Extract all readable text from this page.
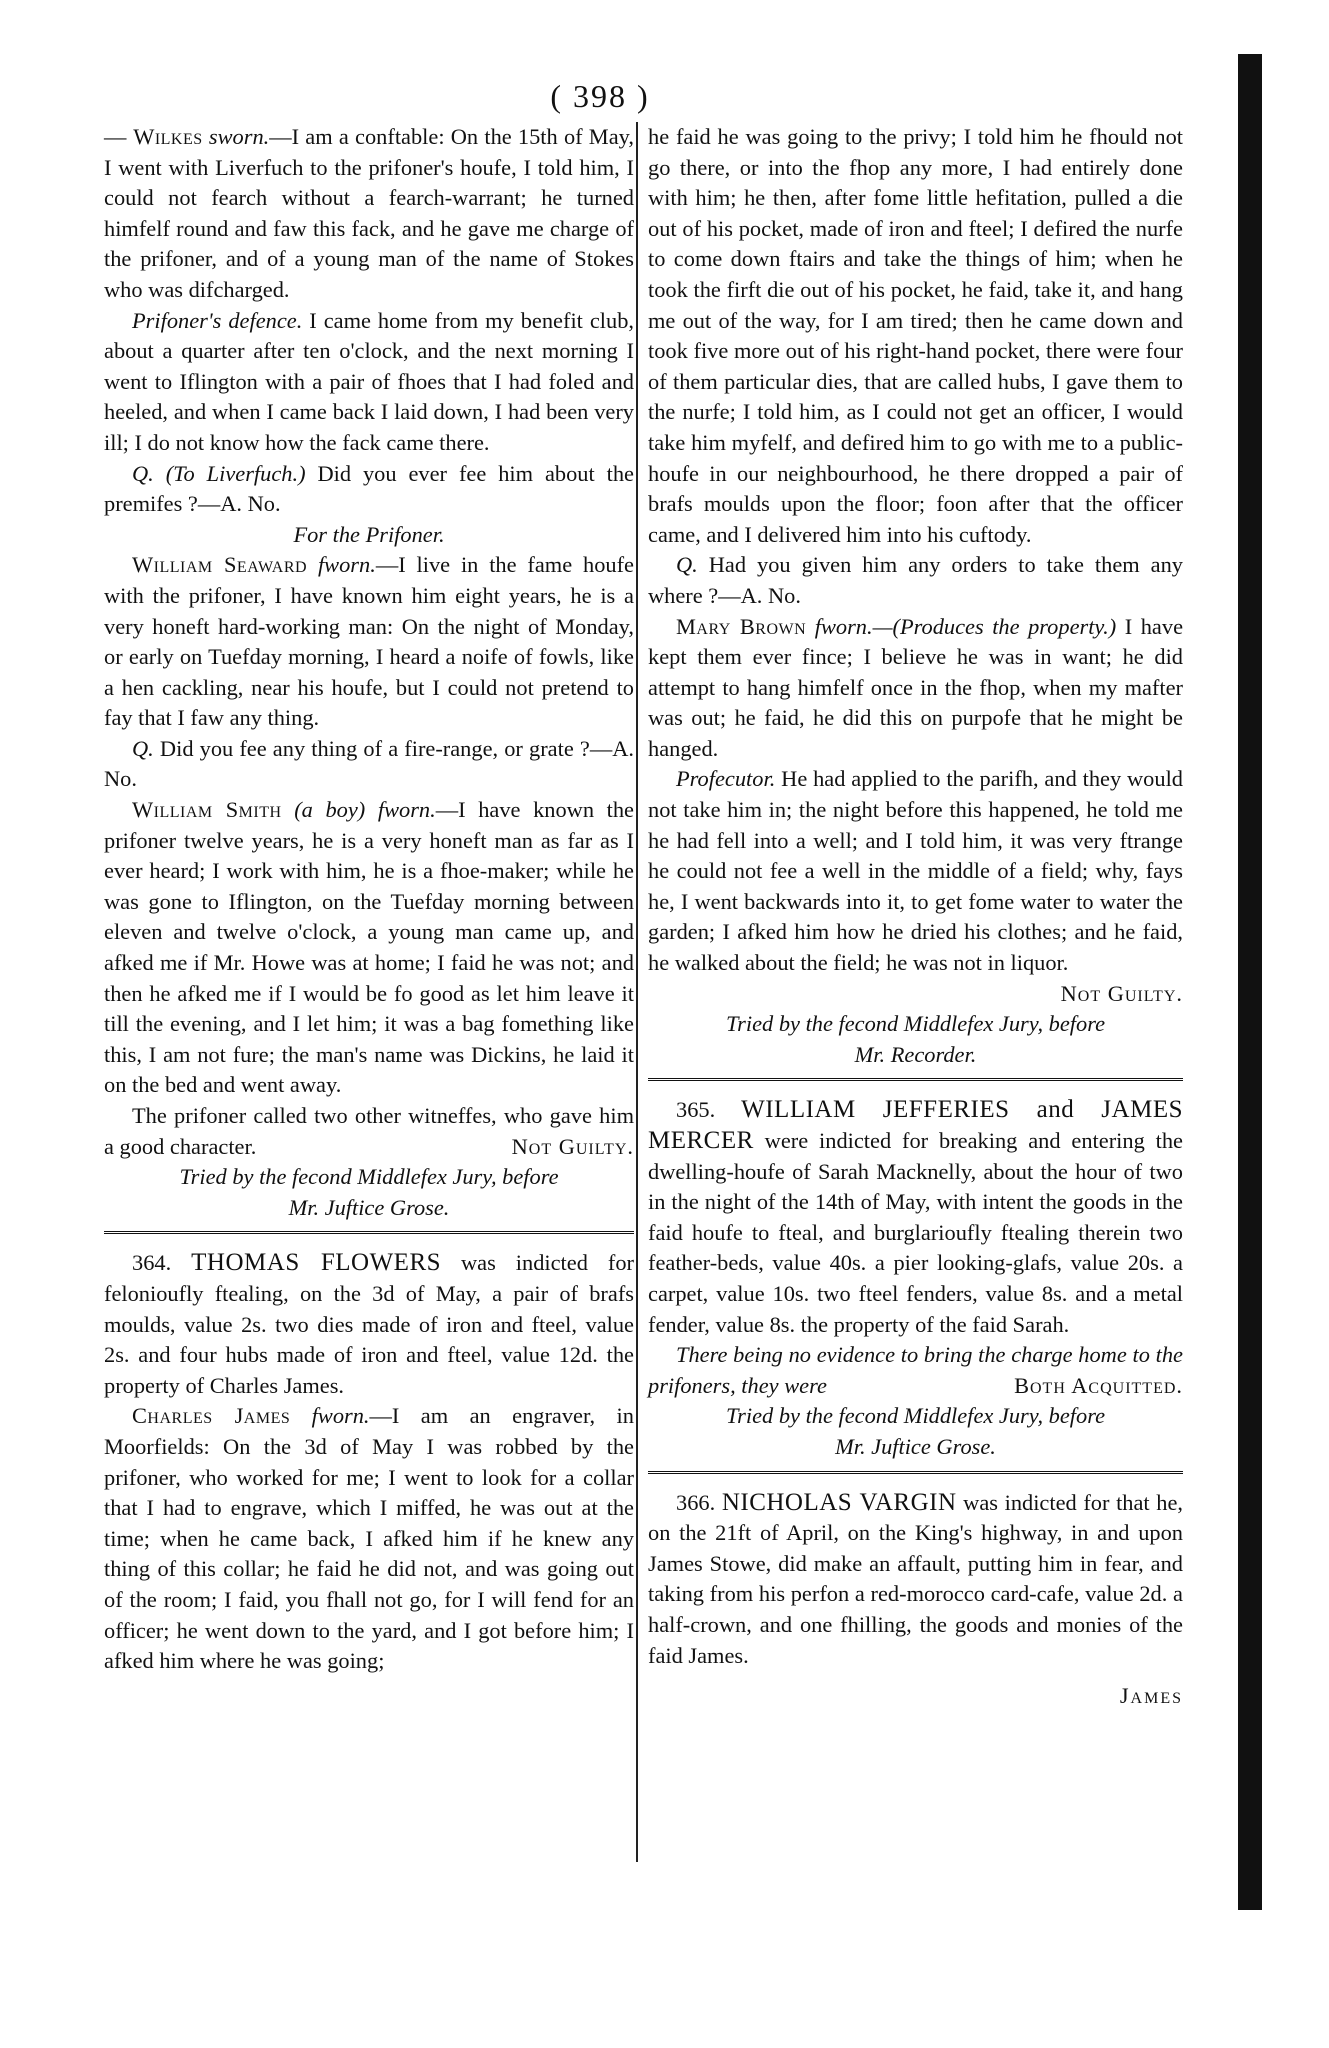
( 398 )

— Wilkes sworn.—I am a conftable: On the 15th of May, I went with Liverfuch to the prifoner's houfe, I told him, I could not fearch without a fearch-warrant; he turned himfelf round and faw this fack, and he gave me charge of the prifoner, and of a young man of the name of Stokes who was difcharged.

Prifoner's defence. I came home from my benefit club, about a quarter after ten o'clock, and the next morning I went to Iflington with a pair of fhoes that I had foled and heeled, and when I came back I laid down, I had been very ill; I do not know how the fack came there.

Q. (To Liverfuch.) Did you ever fee him about the premifes ?—A. No.

For the Prifoner.

William Seaward fworn.—I live in the fame houfe with the prifoner, I have known him eight years, he is a very honeft hard-working man: On the night of Monday, or early on Tuefday morning, I heard a noife of fowls, like a hen cackling, near his houfe, but I could not pretend to fay that I faw any thing.

Q. Did you fee any thing of a fire-range, or grate ?—A. No.

William Smith (a boy) fworn.—I have known the prifoner twelve years, he is a very honeft man as far as I ever heard; I work with him, he is a fhoe-maker; while he was gone to Iflington, on the Tuefday morning between eleven and twelve o'clock, a young man came up, and afked me if Mr. Howe was at home; I faid he was not; and then he afked me if I would be fo good as let him leave it till the evening, and I let him; it was a bag fomething like this, I am not fure; the man's name was Dickins, he laid it on the bed and went away.

The prifoner called two other witneffes, who gave him a good character.	Not Guilty.

Tried by the fecond Middlefex Jury, before

Mr. Juftice Grose.

364. THOMAS FLOWERS was indicted for felonioufly ftealing, on the 3d of May, a pair of brafs moulds, value 2s. two dies made of iron and fteel, value 2s. and four hubs made of iron and fteel, value 12d. the property of Charles James.

Charles James fworn.—I am an engraver, in Moorfields: On the 3d of May I was robbed by the prifoner, who worked for me; I went to look for a collar that I had to engrave, which I miffed, he was out at the time; when he came back, I afked him if he knew any thing of this collar; he faid he did not, and was going out of the room; I faid, you fhall not go, for I will fend for an officer; he went down to the yard, and I got before him; I afked him where he was going;

he faid he was going to the privy; I told him he fhould not go there, or into the fhop any more, I had entirely done with him; he then, after fome little hefitation, pulled a die out of his pocket, made of iron and fteel; I defired the nurfe to come down ftairs and take the things of him; when he took the firft die out of his pocket, he faid, take it, and hang me out of the way, for I am tired; then he came down and took five more out of his right-hand pocket, there were four of them particular dies, that are called hubs, I gave them to the nurfe; I told him, as I could not get an officer, I would take him myfelf, and defired him to go with me to a public-houfe in our neighbourhood, he there dropped a pair of brafs moulds upon the floor; foon after that the officer came, and I delivered him into his cuftody.

Q. Had you given him any orders to take them any where ?—A. No.

Mary Brown fworn.—(Produces the property.) I have kept them ever fince; I believe he was in want; he did attempt to hang himfelf once in the fhop, when my mafter was out; he faid, he did this on purpofe that he might be hanged.

Profecutor. He had applied to the parifh, and they would not take him in; the night before this happened, he told me he had fell into a well; and I told him, it was very ftrange he could not fee a well in the middle of a field; why, fays he, I went backwards into it, to get fome water to water the garden; I afked him how he dried his clothes; and he faid, he walked about the field; he was not in liquor.
Not Guilty.

Tried by the fecond Middlefex Jury, before

Mr. Recorder.

365. WILLIAM JEFFERIES and JAMES MERCER were indicted for breaking and entering the dwelling-houfe of Sarah Macknelly, about the hour of two in the night of the 14th of May, with intent the goods in the faid houfe to fteal, and burglarioufly ftealing therein two feather-beds, value 40s. a pier looking-glafs, value 20s. a carpet, value 10s. two fteel fenders, value 8s. and a metal fender, value 8s. the property of the faid Sarah.

There being no evidence to bring the charge home to the prifoners, they were	Both Acquitted.

Tried by the fecond Middlefex Jury, before

Mr. Juftice Grose.

366. NICHOLAS VARGIN was indicted for that he, on the 21ft of April, on the King's highway, in and upon James Stowe, did make an affault, putting him in fear, and taking from his perfon a red-morocco card-cafe, value 2d. a half-crown, and one fhilling, the goods and monies of the faid James.

James
